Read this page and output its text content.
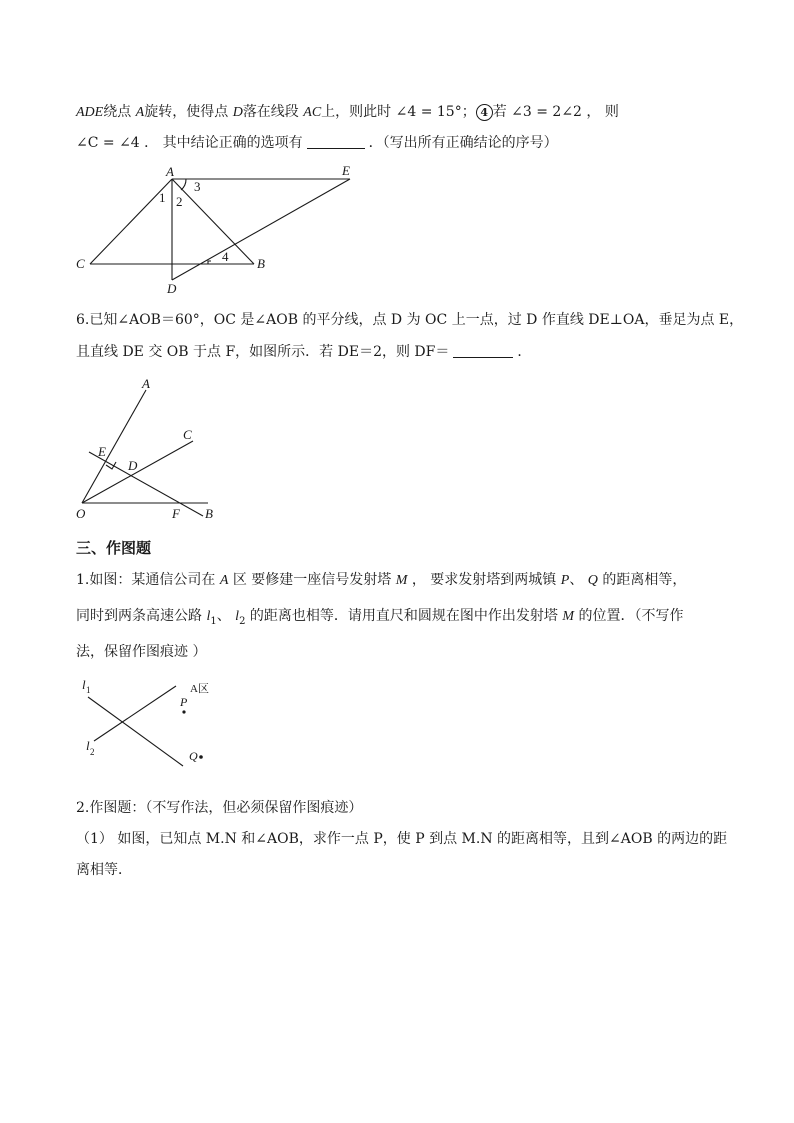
ADE绕点 A旋转，使得点 D落在线段 AC上，则此时 ∠4 = 15°； 4 若 ∠3 = 2∠2 ， 则
∠C = ∠4 ． 其中结论正确的选项有	．（写出所有正确结论的序号）
A	E
C	B
D
1 2
3
4
6.已知∠AOB＝60°，OC 是∠AOB 的平分线，点 D 为 OC 上一点，过 D 作直线 DE⊥OA，垂足为点 E，
且直线 DE 交 OB 于点 F，如图所示．若 DE＝2，则 DF＝	．
A
C
E
D
O	F B
三、作图题
1.如图：某通信公司在 A 区 要修建一座信号发射塔 M ， 要求发射塔到两城镇 P、 Q 的距离相等，
同时到两条高速公路 $l_1$、 $l_2$ 的距离也相等．请用直尺和圆规在图中作出发射塔 M 的位置．（不写作
法，保留作图痕迹 ）
l 1
l 2
A区
P
Q
2.作图题：（不写作法，但必须保留作图痕迹）
（1） 如图，已知点 M.N 和∠AOB，求作一点 P，使 P 到点 M.N 的距离相等，且到∠AOB 的两边的距
离相等．
